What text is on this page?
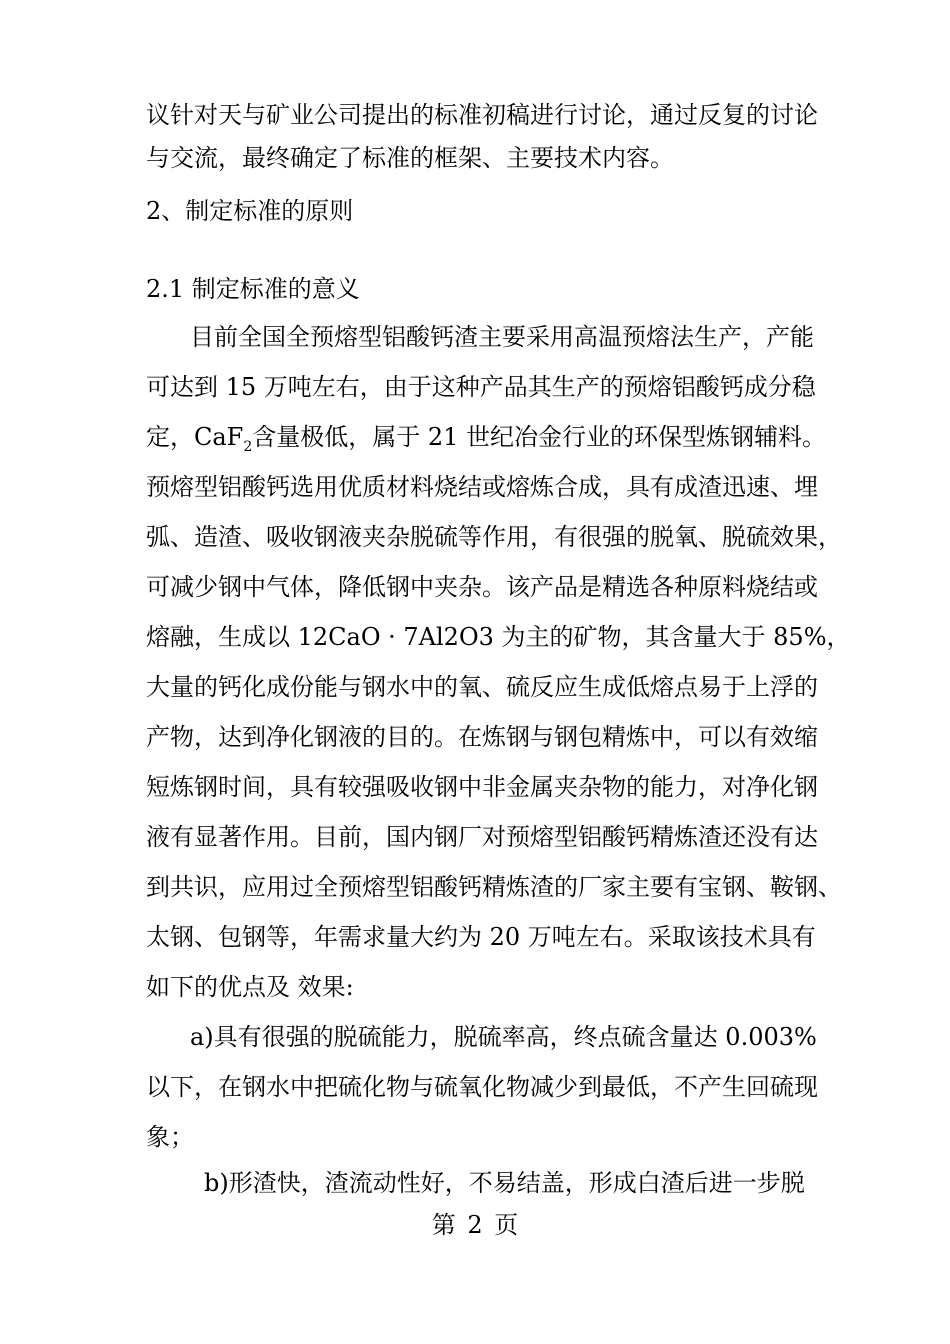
议针对天与矿业公司提出的标准初稿进行讨论，通过反复的讨论
与交流，最终确定了标准的框架、主要技术内容。
2、制定标准的原则
2.1 制定标准的意义
目前全国全预熔型铝酸钙渣主要采用高温预熔法生产，产能
可达到 15 万吨左右，由于这种产品其生产的预熔铝酸钙成分稳
定，CaF$_2$含量极低，属于 21 世纪冶金行业的环保型炼钢辅料。
预熔型铝酸钙选用优质材料烧结或熔炼合成，具有成渣迅速、埋
弧、造渣、吸收钢液夹杂脱硫等作用，有很强的脱氧、脱硫效果，
可减少钢中气体，降低钢中夹杂。该产品是精选各种原料烧结或
熔融，生成以 12CaO · 7Al2O3 为主的矿物，其含量大于 85%，
大量的钙化成份能与钢水中的氧、硫反应生成低熔点易于上浮的
产物，达到净化钢液的目的。在炼钢与钢包精炼中，可以有效缩
短炼钢时间，具有较强吸收钢中非金属夹杂物的能力，对净化钢
液有显著作用。目前，国内钢厂对预熔型铝酸钙精炼渣还没有达
到共识，应用过全预熔型铝酸钙精炼渣的厂家主要有宝钢、鞍钢、
太钢、包钢等，年需求量大约为 20 万吨左右。采取该技术具有
如下的优点及 效果:
a)具有很强的脱硫能力，脱硫率高，终点硫含量达 0.003%
以下，在钢水中把硫化物与硫氧化物减少到最低，不产生回硫现
象；
b)形渣快，渣流动性好，不易结盖，形成白渣后进一步脱
第 2 页
